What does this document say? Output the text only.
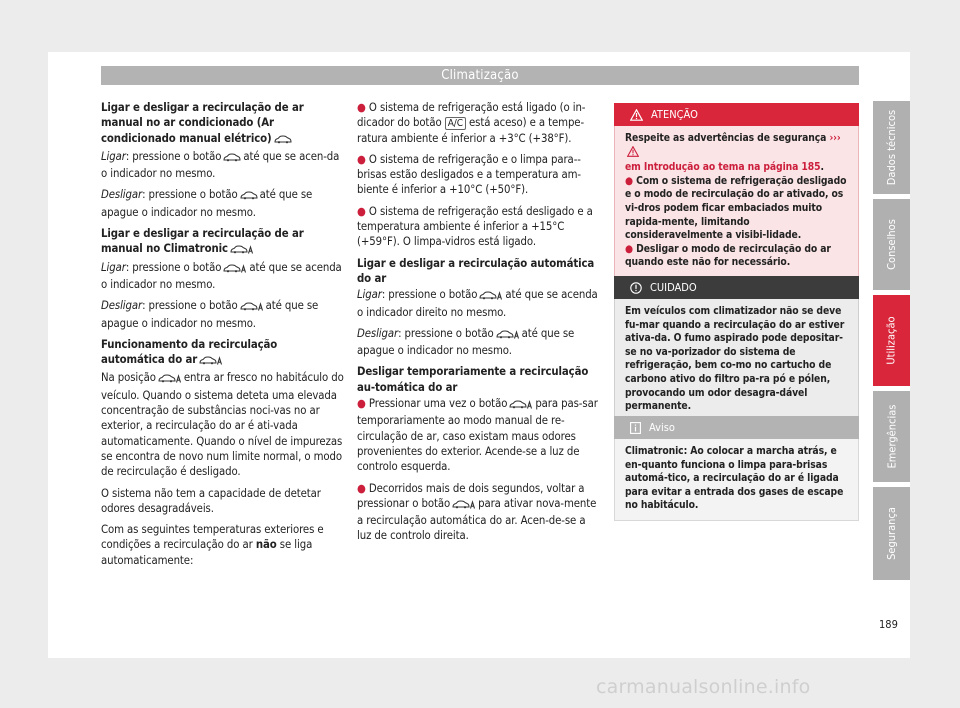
Climatização

Ligar e desligar a recirculação de ar manual no ar condicionado (Ar condicionado manual elétrico)

Ligar: pressione o botão até que se acen-da o indicador no mesmo.

Desligar: pressione o botão até que se apague o indicador no mesmo.

Ligar e desligar a recirculação de ar manual no Climatronic

Ligar: pressione o botão até que se acenda o indicador no mesmo.

Desligar: pressione o botão até que se apague o indicador no mesmo.

Funcionamento da recirculação automática do ar

Na posição entra ar fresco no habitáculo do veículo. Quando o sistema deteta uma elevada concentração de substâncias noci-vas no ar exterior, a recirculação do ar é ati-vada automaticamente. Quando o nível de impurezas se encontra de novo num limite normal, o modo de recirculação é desligado.

O sistema não tem a capacidade de detetar odores desagradáveis.

Com as seguintes temperaturas exteriores e condições a recirculação do ar não se liga automaticamente:

● O sistema de refrigeração está ligado (o in-dicador do botão A/C está aceso) e a tempe-ratura ambiente é inferior a +3°C (+38°F).

● O sistema de refrigeração e o limpa para--brisas estão desligados e a temperatura am-biente é inferior a +10°C (+50°F).

● O sistema de refrigeração está desligado e a temperatura ambiente é inferior a +15°C (+59°F). O limpa-vidros está ligado.

Ligar e desligar a recirculação automática do ar

Ligar: pressione o botão até que se acenda o indicador direito no mesmo.

Desligar: pressione o botão até que se apague o indicador no mesmo.

Desligar temporariamente a recirculação au-tomática do ar

● Pressionar uma vez o botão para pas-sar temporariamente ao modo manual de re-circulação de ar, caso existam maus odores provenientes do exterior. Acende-se a luz de controlo esquerda.

● Decorridos mais de dois segundos, voltar a pressionar o botão para ativar nova-mente a recirculação automática do ar. Acen-de-se a luz de controlo direita.

ATENÇÃO
Respeite as advertências de segurança ›››
em Introdução ao tema na página 185.
● Com o sistema de refrigeração desligado e o modo de recirculação do ar ativado, os vi-dros podem ficar embaciados muito rapida-mente, limitando consideravelmente a visibi-lidade.
● Desligar o modo de recirculação do ar quando este não for necessário.
CUIDADO
Em veículos com climatizador não se deve fu-mar quando a recirculação do ar estiver ativa-da. O fumo aspirado pode depositar-se no va-porizador do sistema de refrigeração, bem co-mo no cartucho de carbono ativo do filtro pa-ra pó e pólen, provocando um odor desagra-dável permanente.
Aviso
Climatronic: Ao colocar a marcha atrás, e en-quanto funciona o limpa para-brisas automá-tico, a recirculação do ar é ligada para evitar a entrada dos gases de escape no habitáculo.
Dados técnicos
Conselhos
Utilização
Emergências
Segurança
189
carmanualsonline.info
